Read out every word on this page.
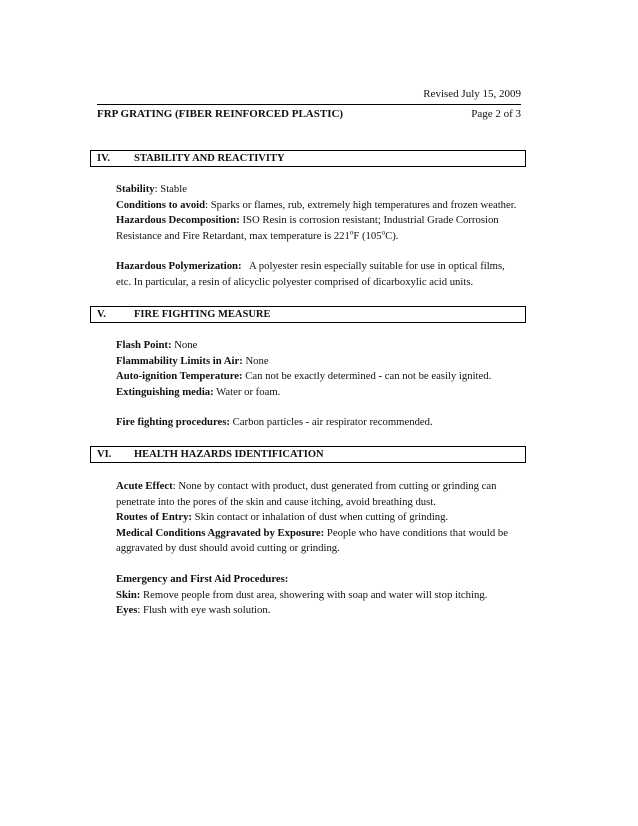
Revised July 15, 2009
FRP GRATING (FIBER REINFORCED PLASTIC)	Page 2 of 3
IV. STABILITY AND REACTIVITY

Stability: Stable

Conditions to avoid: Sparks or flames, rub, extremely high temperatures and frozen weather.

Hazardous Decomposition: ISO Resin is corrosion resistant; Industrial Grade Corrosion

Resistance and Fire Retardant, max temperature is 221$^o$F (105$^o$C).

Hazardous Polymerization:   A polyester resin especially suitable for use in optical films,

etc. In particular, a resin of alicyclic polyester comprised of dicarboxylic acid units.

V.	FIRE FIGHTING MEASURE

Flash Point: None

Flammability Limits in Air: None

Auto-ignition Temperature: Can not be exactly determined - can not be easily ignited.

Extinguishing media: Water or foam.

Fire fighting procedures: Carbon particles - air respirator recommended.

VI. HEALTH HAZARDS IDENTIFICATION

Acute Effect: None by contact with product, dust generated from cutting or grinding can

penetrate into the pores of the skin and cause itching, avoid breathing dust.

Routes of Entry: Skin contact or inhalation of dust when cutting of grinding.

Medical Conditions Aggravated by Exposure: People who have conditions that would be

aggravated by dust should avoid cutting or grinding.

Emergency and First Aid Procedures:

Skin: Remove people from dust area, showering with soap and water will stop itching.

Eyes: Flush with eye wash solution.
